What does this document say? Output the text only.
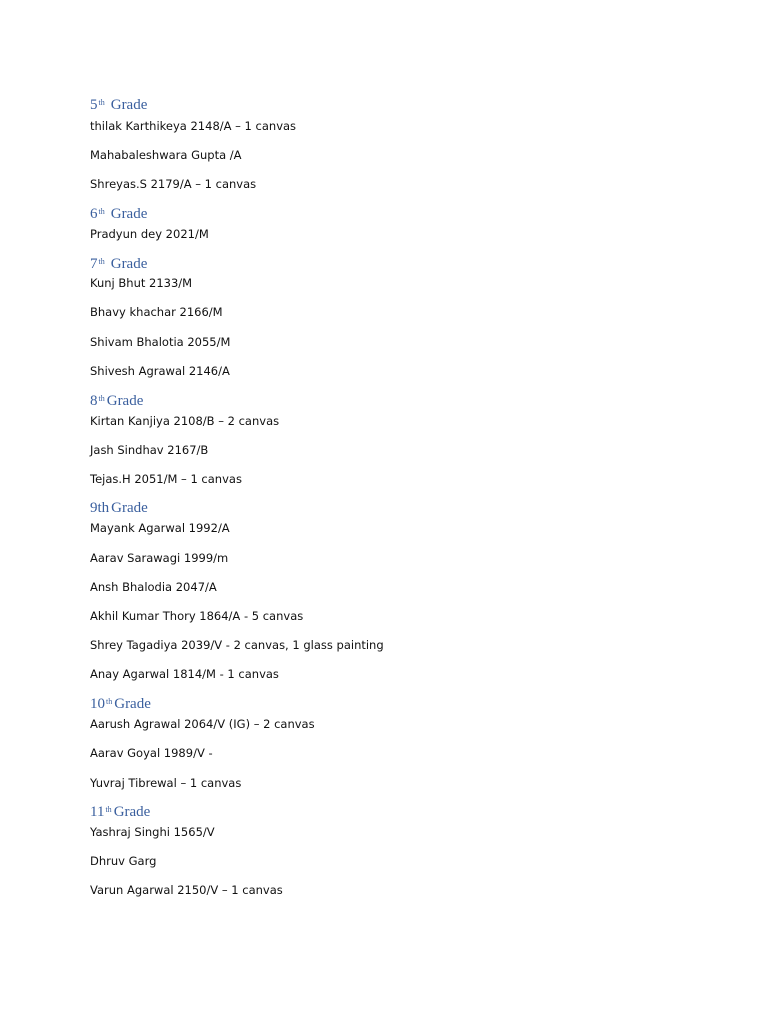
5th Grade
thilak Karthikeya 2148/A – 1 canvas
Mahabaleshwara Gupta /A
Shreyas.S 2179/A – 1 canvas
6th Grade
Pradyun dey 2021/M
7th Grade
Kunj Bhut 2133/M
Bhavy khachar 2166/M
Shivam Bhalotia 2055/M
Shivesh Agrawal 2146/A
8th Grade
Kirtan Kanjiya 2108/B – 2 canvas
Jash Sindhav 2167/B
Tejas.H 2051/M – 1 canvas
9th Grade
Mayank Agarwal 1992/A
Aarav Sarawagi 1999/m
Ansh Bhalodia 2047/A
Akhil Kumar Thory 1864/A - 5 canvas
Shrey Tagadiya 2039/V - 2 canvas, 1 glass painting
Anay Agarwal 1814/M - 1 canvas
10th Grade
Aarush Agrawal 2064/V (IG) – 2 canvas
Aarav Goyal 1989/V -
Yuvraj Tibrewal – 1 canvas
11th Grade
Yashraj Singhi 1565/V
Dhruv Garg
Varun Agarwal 2150/V – 1 canvas
